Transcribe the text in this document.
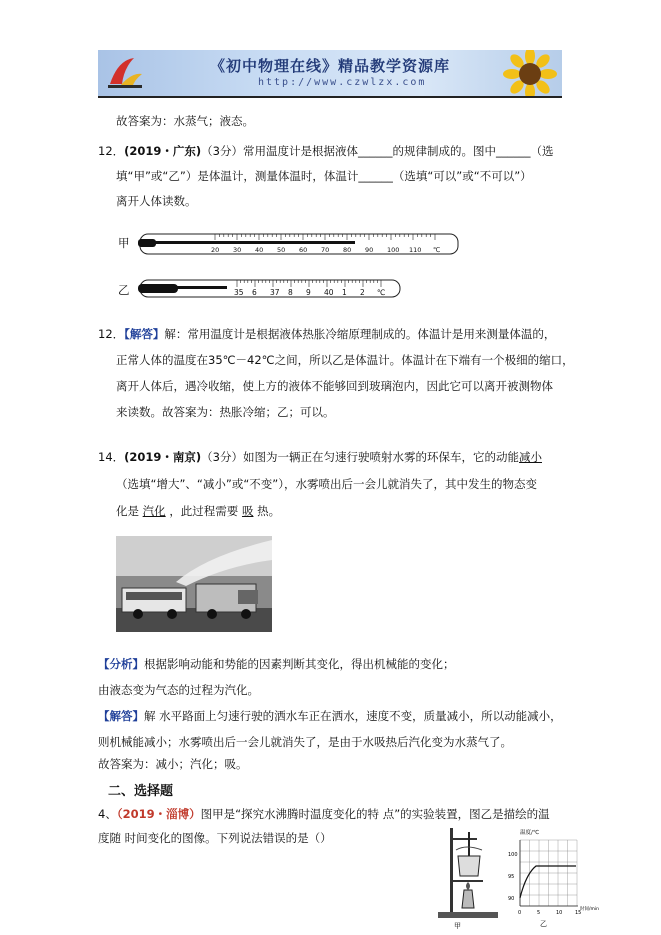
《初中物理在线》精品教学资源库
http://www.czwlzx.com
故答案为：水蒸气；液态。
12．(2019・广东)（3分）常用温度计是根据液体______的规律制成的。图中______（选
填“甲”或“乙”）是体温计，测量体温时，体温计______（选填“可以”或“不可以”）
离开人体读数。
甲
乙
20 30 40 50 60 70 80 90 100 110 ℃
35 6 37 8 9 40 1 2 ℃
12．【解答】解：常用温度计是根据液体热胀冷缩原理制成的。体温计是用来测量体温的，
正常人体的温度在35℃－42℃之间，所以乙是体温计。体温计在下端有一个极细的缩口，
离开人体后，遇冷收缩，使上方的液体不能够回到玻璃泡内，因此它可以离开被测物体
来读数。故答案为：热胀冷缩；乙；可以。
14．(2019・南京)（3分）如图为一辆正在匀速行驶喷射水雾的环保车，它的动能减小
（选填“增大”、“减小”或“不变”），水雾喷出后一会儿就消失了，其中发生的物态变
化是 汽化 ，此过程需要 吸 热。
【分析】根据影响动能和势能的因素判断其变化，得出机械能的变化；
由液态变为气态的过程为汽化。
【解答】解 水平路面上匀速行驶的洒水车正在洒水，速度不变，质量减小，所以动能减小，
则机械能减小；水雾喷出后一会儿就消失了，是由于水吸热后汽化变为水蒸气了。
故答案为：减小；汽化；吸。
二、选择题
4、（2019・淄博）图甲是“探究水沸腾时温度变化的特 点”的实验装置，图乙是描绘的温
度随 时间变化的图像。下列说法错误的是（）
甲
温度/℃
100
95
90
0	5	10	15
时间/min
乙
